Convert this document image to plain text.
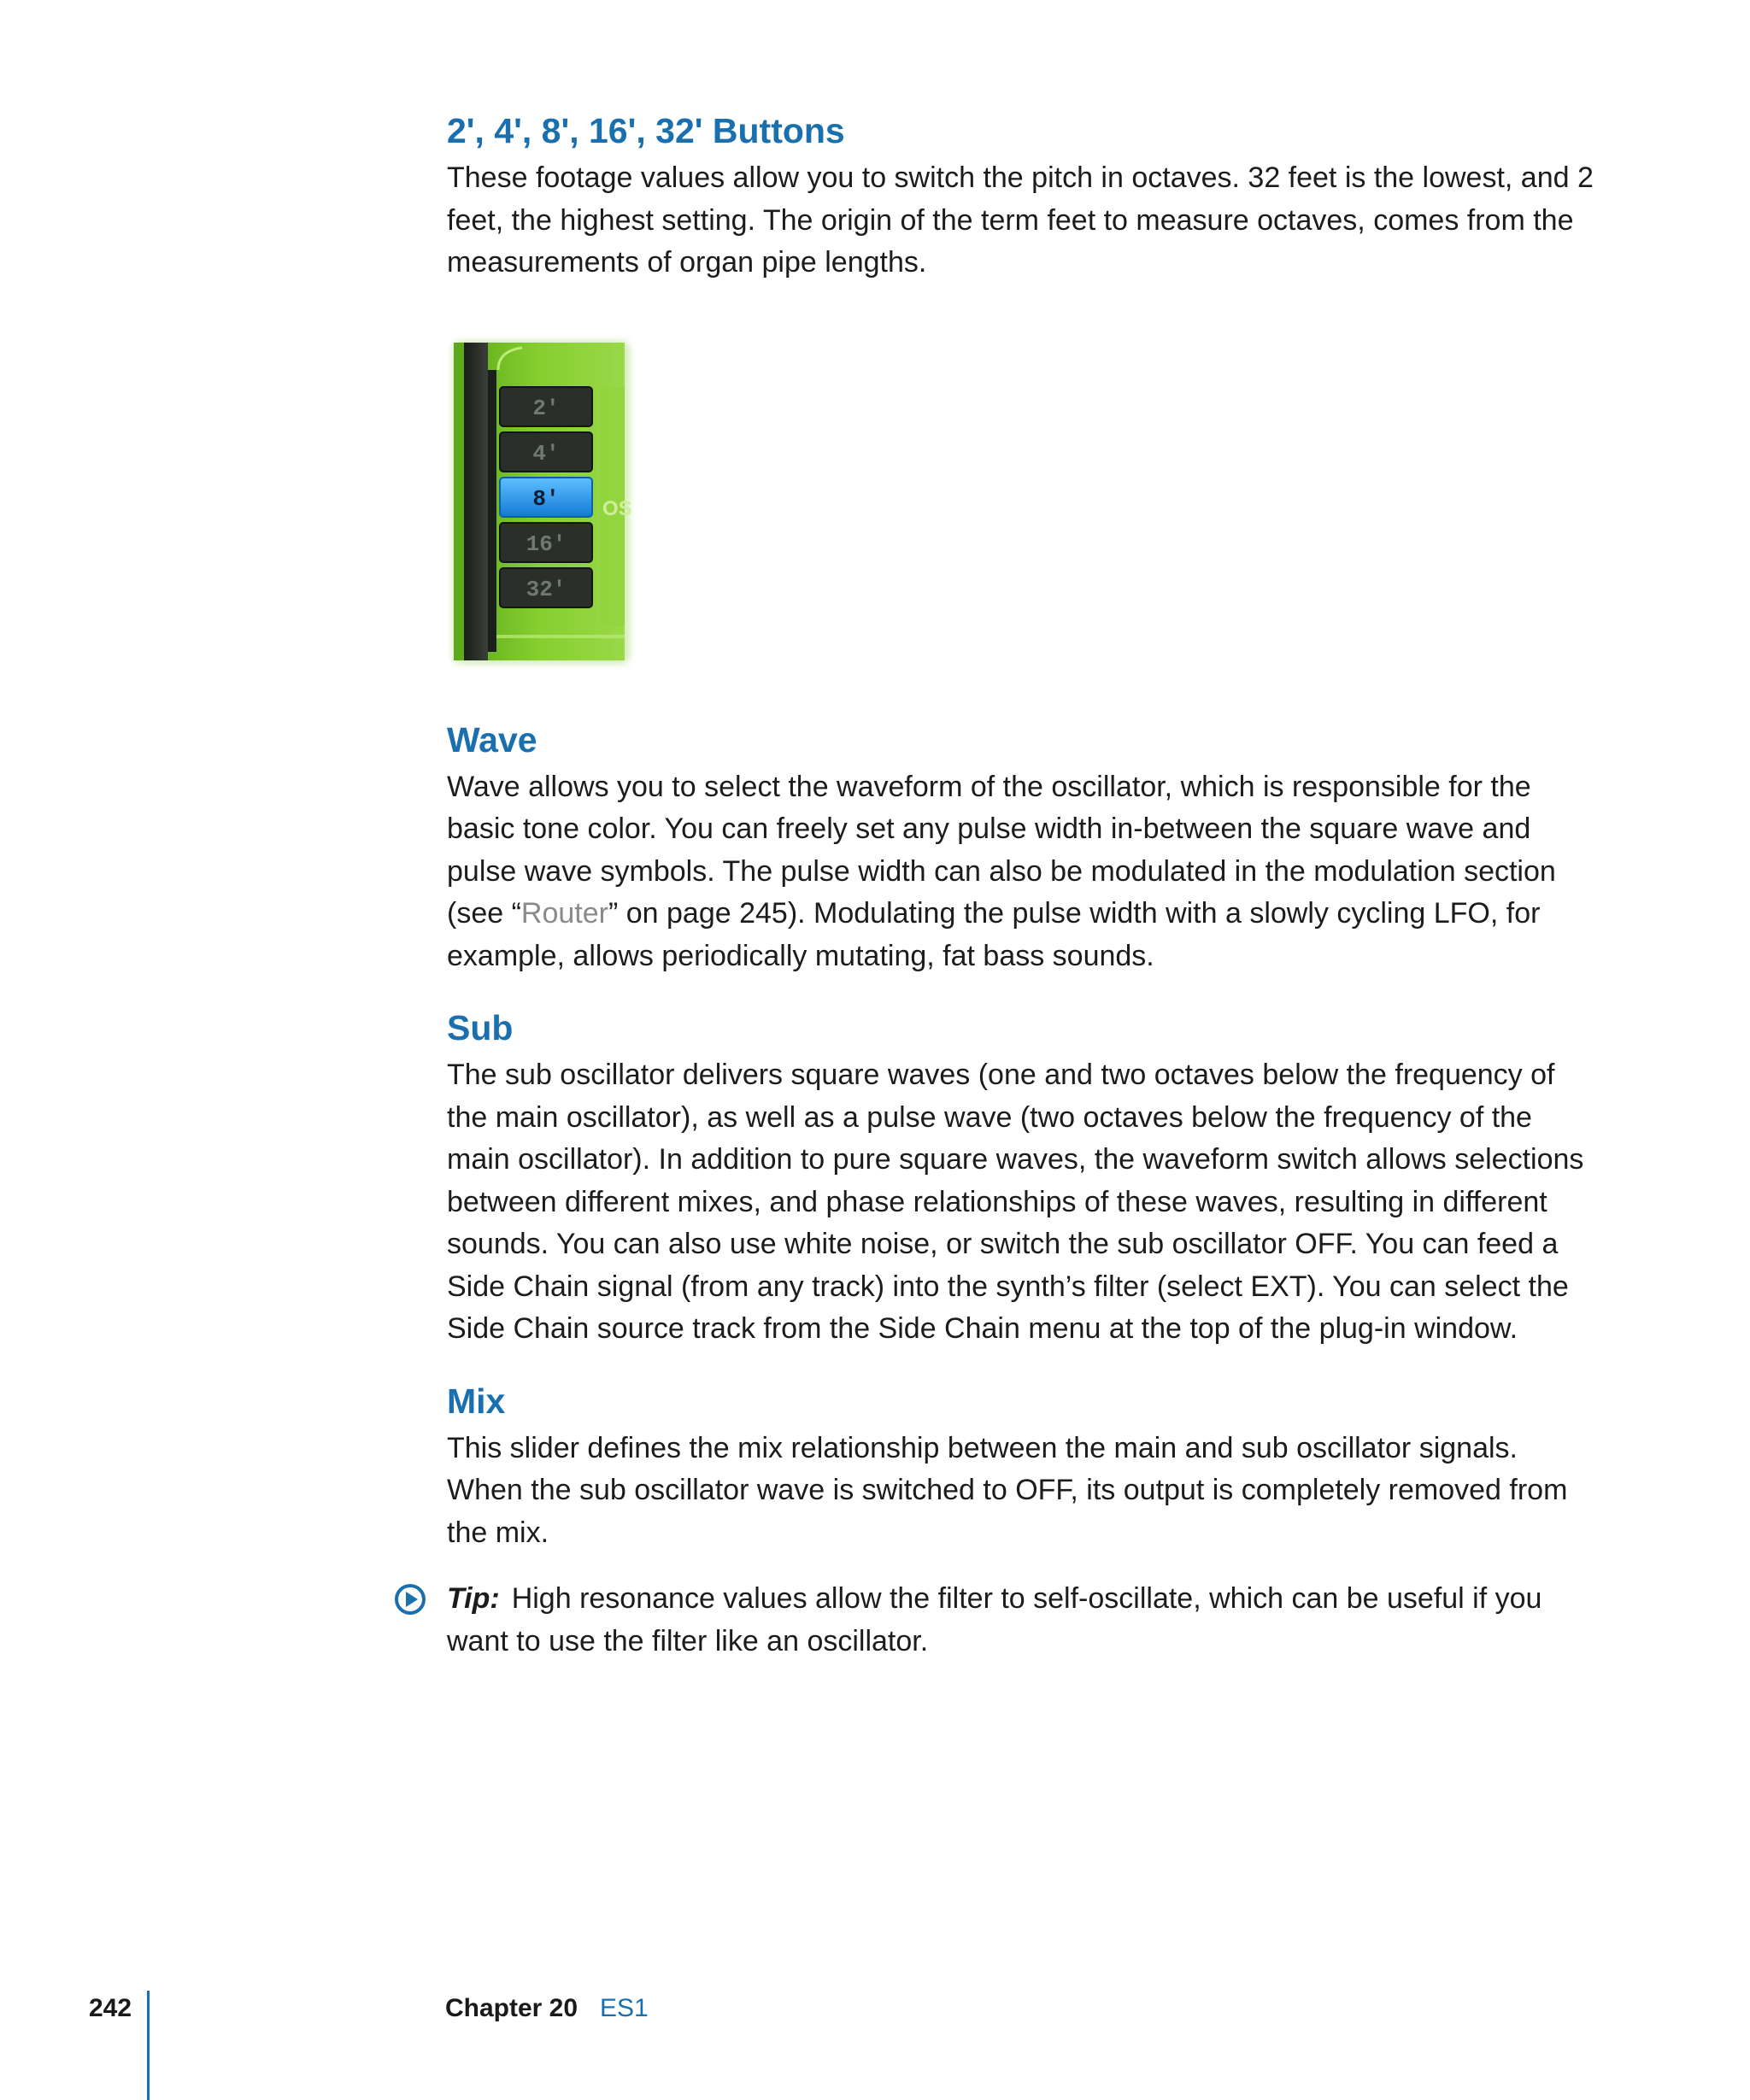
2', 4', 8', 16', 32' Buttons

These footage values allow you to switch the pitch in octaves. 32 feet is the lowest, and 2 feet, the highest setting. The origin of the term feet to measure octaves, comes from the measurements of organ pipe lengths.

2'
4'
8'
16'
32'
OS
Wave

Wave allows you to select the waveform of the oscillator, which is responsible for the basic tone color. You can freely set any pulse width in-between the square wave and pulse wave symbols. The pulse width can also be modulated in the modulation section (see “Router” on page 245). Modulating the pulse width with a slowly cycling LFO, for example, allows periodically mutating, fat bass sounds.

Sub

The sub oscillator delivers square waves (one and two octaves below the frequency of the main oscillator), as well as a pulse wave (two octaves below the frequency of the main oscillator). In addition to pure square waves, the waveform switch allows selections between different mixes, and phase relationships of these waves, resulting in different sounds. You can also use white noise, or switch the sub oscillator OFF. You can feed a Side Chain signal (from any track) into the synth’s filter (select EXT). You can select the Side Chain source track from the Side Chain menu at the top of the plug-in window.

Mix

This slider defines the mix relationship between the main and sub oscillator signals. When the sub oscillator wave is switched to OFF, its output is completely removed from the mix.

Tip: High resonance values allow the filter to self-oscillate, which can be useful if you want to use the filter like an oscillator.

242	Chapter 20 ES1
